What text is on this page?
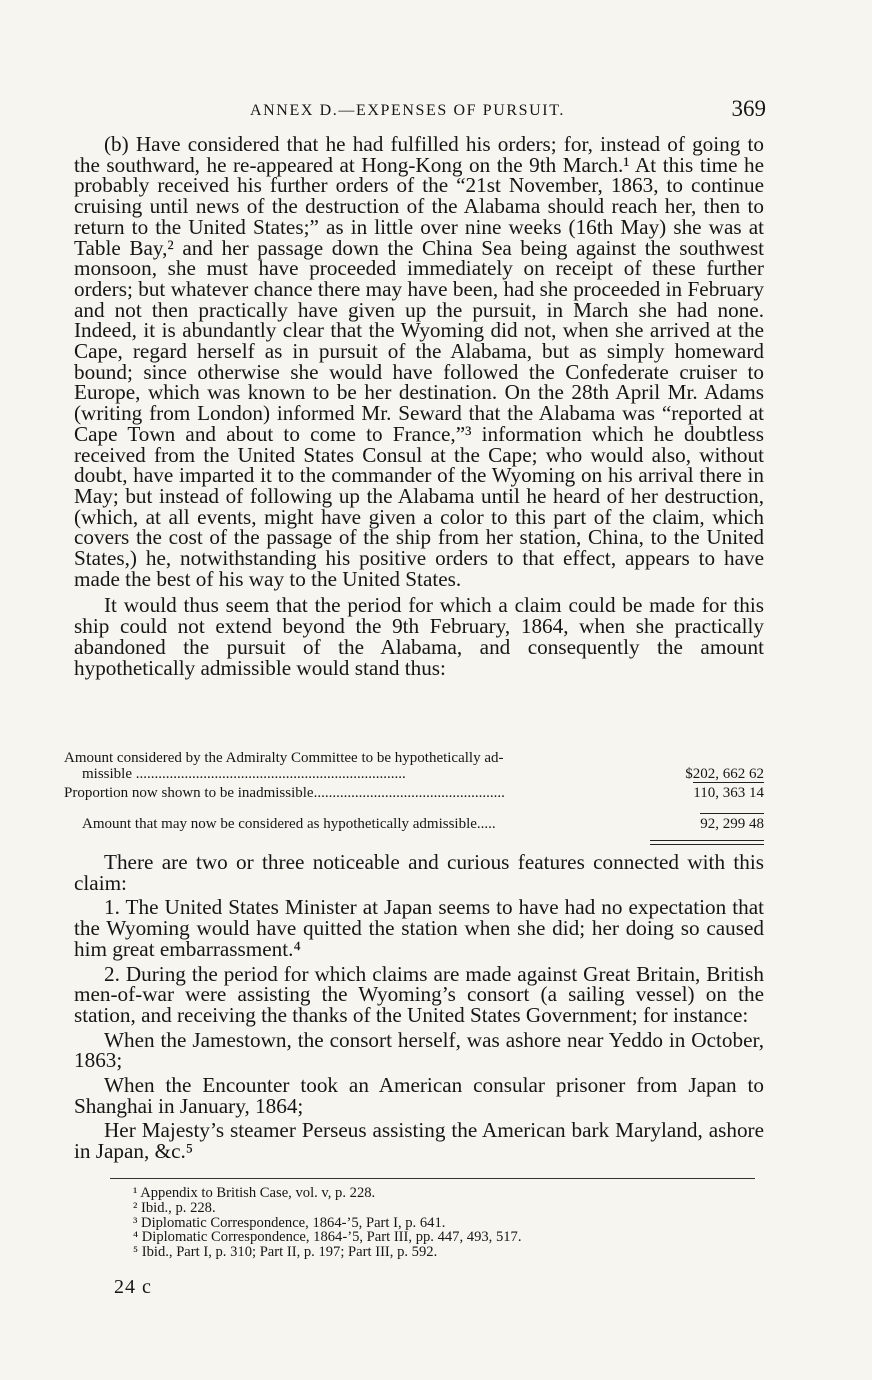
ANNEX D.—EXPENSES OF PURSUIT.	369

(b) Have considered that he had fulfilled his orders; for, instead of going to the southward, he re-appeared at Hong-Kong on the 9th March.¹ At this time he probably received his further orders of the “21st November, 1863, to continue cruising until news of the destruction of the Alabama should reach her, then to return to the United States;” as in little over nine weeks (16th May) she was at Table Bay,² and her passage down the China Sea being against the southwest monsoon, she must have proceeded immediately on receipt of these further orders; but whatever chance there may have been, had she proceeded in February and not then practically have given up the pursuit, in March she had none. Indeed, it is abundantly clear that the Wyoming did not, when she arrived at the Cape, regard herself as in pursuit of the Alabama, but as simply homeward bound; since otherwise she would have followed the Confederate cruiser to Europe, which was known to be her destination. On the 28th April Mr. Adams (writing from London) informed Mr. Seward that the Alabama was “reported at Cape Town and about to come to France,”³ information which he doubtless received from the United States Consul at the Cape; who would also, without doubt, have imparted it to the commander of the Wyoming on his arrival there in May; but instead of following up the Alabama until he heard of her destruction, (which, at all events, might have given a color to this part of the claim, which covers the cost of the passage of the ship from her station, China, to the United States,) he, notwithstanding his positive orders to that effect, appears to have made the best of his way to the United States.

It would thus seem that the period for which a claim could be made for this ship could not extend beyond the 9th February, 1864, when she practically abandoned the pursuit of the Alabama, and consequently the amount hypothetically admissible would stand thus:

Amount considered by the Admiralty Committee to be hypothetically ad-
missible ........................................................................	$202, 662 62
Proportion now shown to be inadmissible...................................................	110, 363 14
Amount that may now be considered as hypothetically admissible.....	92, 299 48

There are two or three noticeable and curious features connected with this claim:

1. The United States Minister at Japan seems to have had no expectation that the Wyoming would have quitted the station when she did; her doing so caused him great embarrassment.⁴

2. During the period for which claims are made against Great Britain, British men-of-war were assisting the Wyoming’s consort (a sailing vessel) on the station, and receiving the thanks of the United States Government; for instance:

When the Jamestown, the consort herself, was ashore near Yeddo in October, 1863;

When the Encounter took an American consular prisoner from Japan to Shanghai in January, 1864;

Her Majesty’s steamer Perseus assisting the American bark Maryland, ashore in Japan, &c.⁵

¹ Appendix to British Case, vol. v, p. 228.
² Ibid., p. 228.
³ Diplomatic Correspondence, 1864-’5, Part I, p. 641.
⁴ Diplomatic Correspondence, 1864-’5, Part III, pp. 447, 493, 517.
⁵ Ibid., Part I, p. 310; Part II, p. 197; Part III, p. 592.
24 c
